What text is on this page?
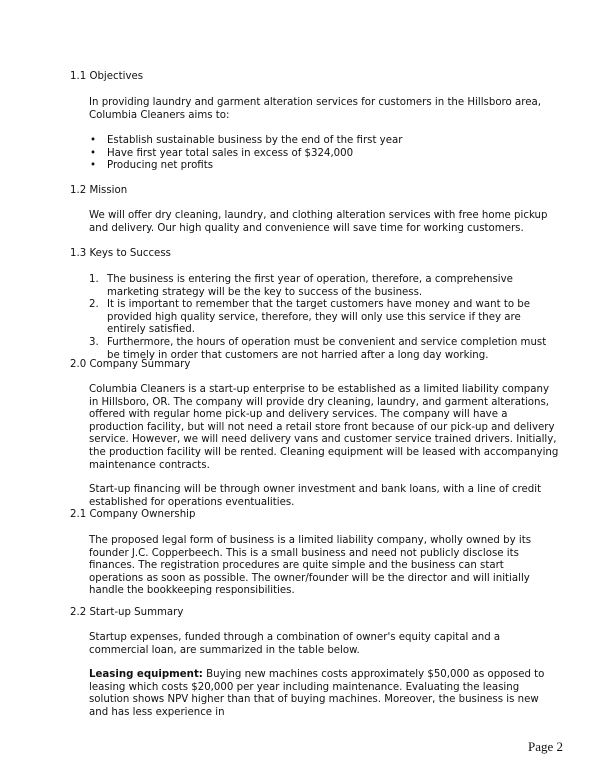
1.1 Objectives

In providing laundry and garment alteration services for customers in the Hillsboro area, Columbia Cleaners aims to:

• Establish sustainable business by the end of the first year
• Have first year total sales in excess of $324,000
• Producing net profits
1.2 Mission

We will offer dry cleaning, laundry, and clothing alteration services with free home pickup and delivery. Our high quality and convenience will save time for working customers.

1.3 Keys to Success
1. The business is entering the first year of operation, therefore, a comprehensive marketing strategy will be the key to success of the business.
2. It is important to remember that the target customers have money and want to be provided high quality service, therefore, they will only use this service if they are entirely satisfied.
3. Furthermore, the hours of operation must be convenient and service completion must be timely in order that customers are not harried after a long day working.
2.0 Company Summary

Columbia Cleaners is a start-up enterprise to be established as a limited liability company in Hillsboro, OR. The company will provide dry cleaning, laundry, and garment alterations, offered with regular home pick-up and delivery services. The company will have a production facility, but will not need a retail store front because of our pick-up and delivery service. However, we will need delivery vans and customer service trained drivers. Initially, the production facility will be rented. Cleaning equipment will be leased with accompanying maintenance contracts.

Start-up financing will be through owner investment and bank loans, with a line of credit established for operations eventualities.

2.1 Company Ownership

The proposed legal form of business is a limited liability company, wholly owned by its founder J.C. Copperbeech. This is a small business and need not publicly disclose its finances. The registration procedures are quite simple and the business can start operations as soon as possible. The owner/founder will be the director and will initially handle the bookkeeping responsibilities.

2.2 Start-up Summary

Startup expenses, funded through a combination of owner's equity capital and a commercial loan, are summarized in the table below.

Leasing equipment: Buying new machines costs approximately $50,000 as opposed to leasing which costs $20,000 per year including maintenance. Evaluating the leasing solution shows NPV higher than that of buying machines. Moreover, the business is new and has less experience in

Page 2
